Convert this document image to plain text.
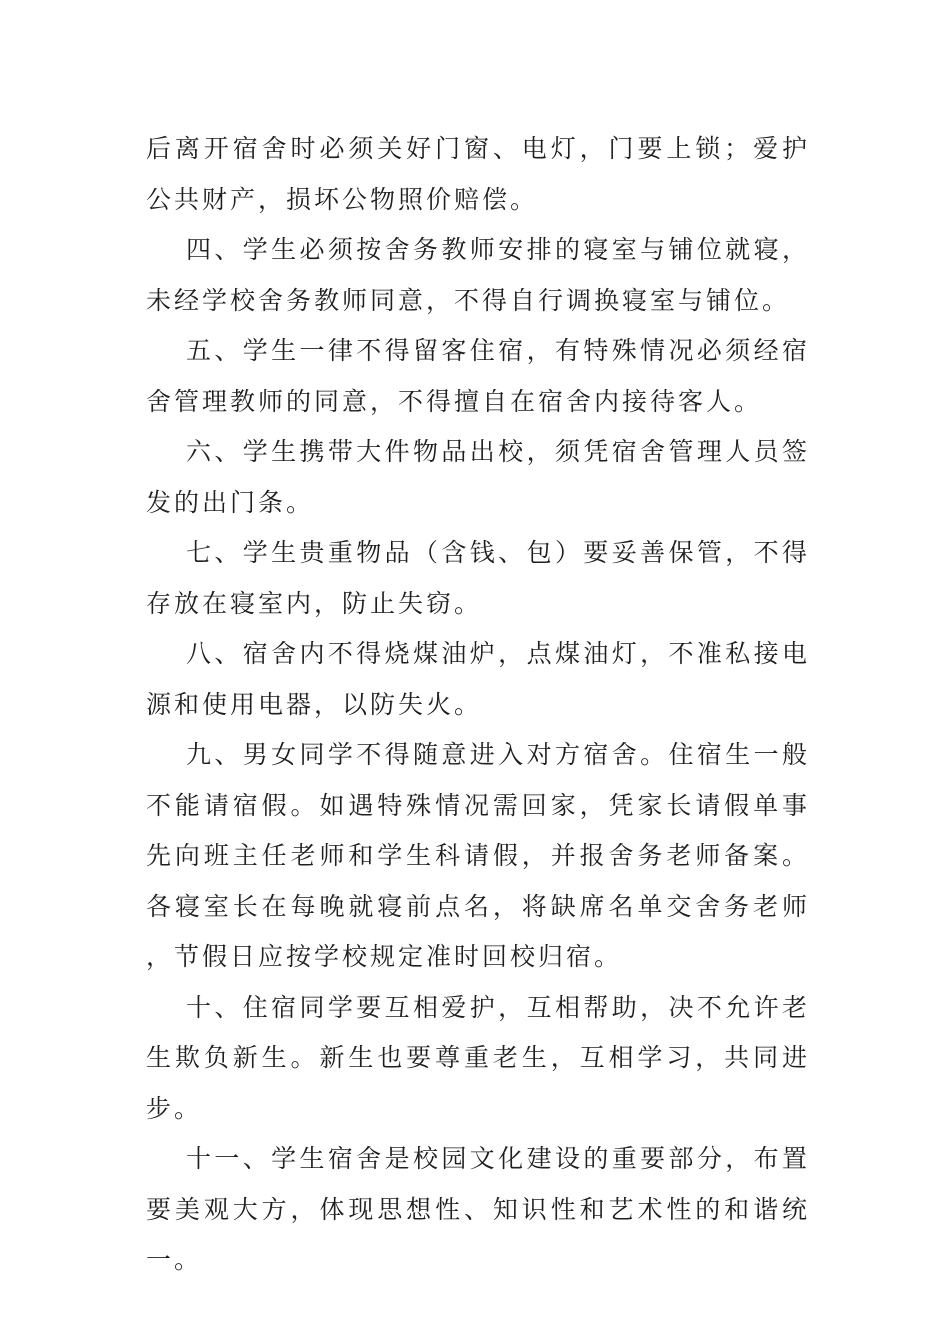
后离开宿舍时必须关好门窗、电灯，门要上锁；爱护公共财产，损坏公物照价赔偿。

四、学生必须按舍务教师安排的寝室与铺位就寝，未经学校舍务教师同意，不得自行调换寝室与铺位。

五、学生一律不得留客住宿，有特殊情况必须经宿舍管理教师的同意，不得擅自在宿舍内接待客人。

六、学生携带大件物品出校，须凭宿舍管理人员签发的出门条。

七、学生贵重物品（含钱、包）要妥善保管，不得存放在寝室内，防止失窃。

八、宿舍内不得烧煤油炉，点煤油灯，不准私接电源和使用电器，以防失火。

九、男女同学不得随意进入对方宿舍。住宿生一般不能请宿假。如遇特殊情况需回家，凭家长请假单事先向班主任老师和学生科请假，并报舍务老师备案。各寝室长在每晚就寝前点名，将缺席名单交舍务老师，节假日应按学校规定准时回校归宿。

十、住宿同学要互相爱护，互相帮助，决不允许老生欺负新生。新生也要尊重老生，互相学习，共同进步。

十一、学生宿舍是校园文化建设的重要部分，布置要美观大方，体现思想性、知识性和艺术性的和谐统一。
